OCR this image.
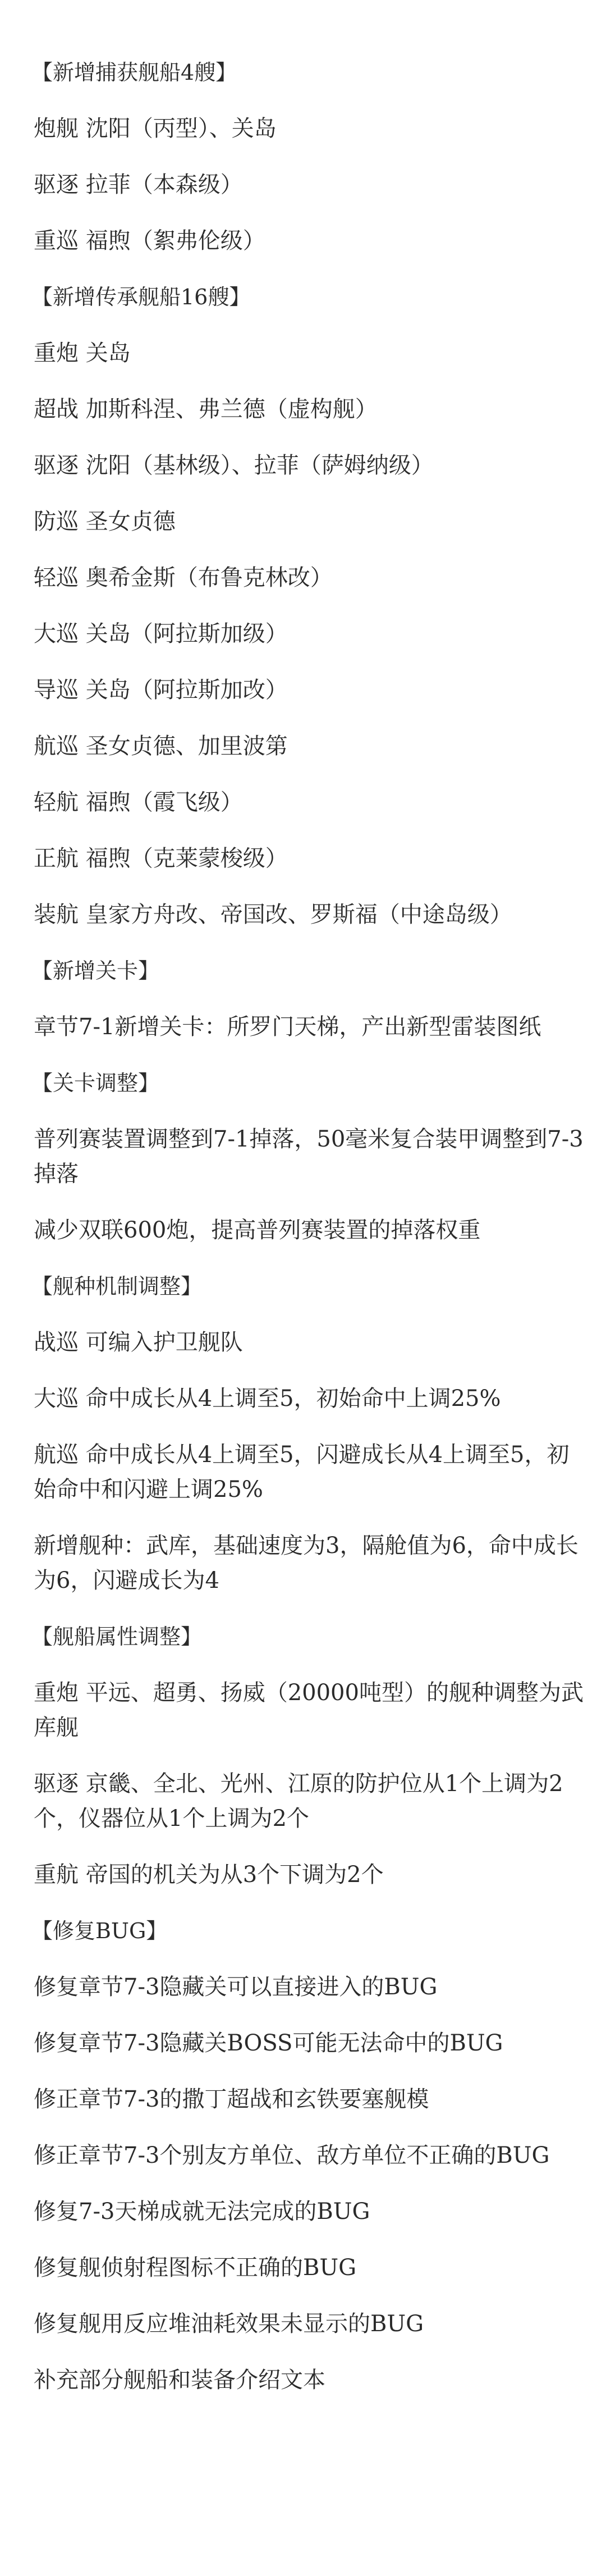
【新增捕获舰船4艘】
炮舰 沈阳（丙型）、关岛
驱逐 拉菲（本森级）
重巡 福煦（絮弗伦级）
【新增传承舰船16艘】
重炮 关岛
超战 加斯科涅、弗兰德（虚构舰）
驱逐 沈阳（基林级）、拉菲（萨姆纳级）
防巡 圣女贞德
轻巡 奥希金斯（布鲁克林改）
大巡 关岛（阿拉斯加级）
导巡 关岛（阿拉斯加改）
航巡 圣女贞德、加里波第
轻航 福煦（霞飞级）
正航 福煦（克莱蒙梭级）
装航 皇家方舟改、帝国改、罗斯福（中途岛级）
【新增关卡】
章节7-1新增关卡：所罗门天梯，产出新型雷装图纸
【关卡调整】
普列赛装置调整到7-1掉落，50毫米复合装甲调整到7-3掉落
减少双联600炮，提高普列赛装置的掉落权重
【舰种机制调整】
战巡 可编入护卫舰队
大巡 命中成长从4上调至5，初始命中上调25%
航巡 命中成长从4上调至5，闪避成长从4上调至5，初始命中和闪避上调25%
新增舰种：武库，基础速度为3，隔舱值为6，命中成长为6，闪避成长为4
【舰船属性调整】
重炮 平远、超勇、扬威（20000吨型）的舰种调整为武库舰
驱逐 京畿、全北、光州、江原的防护位从1个上调为2个，仪器位从1个上调为2个
重航 帝国的机关为从3个下调为2个
【修复BUG】
修复章节7-3隐藏关可以直接进入的BUG
修复章节7-3隐藏关BOSS可能无法命中的BUG
修正章节7-3的撒丁超战和玄铁要塞舰模
修正章节7-3个别友方单位、敌方单位不正确的BUG
修复7-3天梯成就无法完成的BUG
修复舰侦射程图标不正确的BUG
修复舰用反应堆油耗效果未显示的BUG
补充部分舰船和装备介绍文本
